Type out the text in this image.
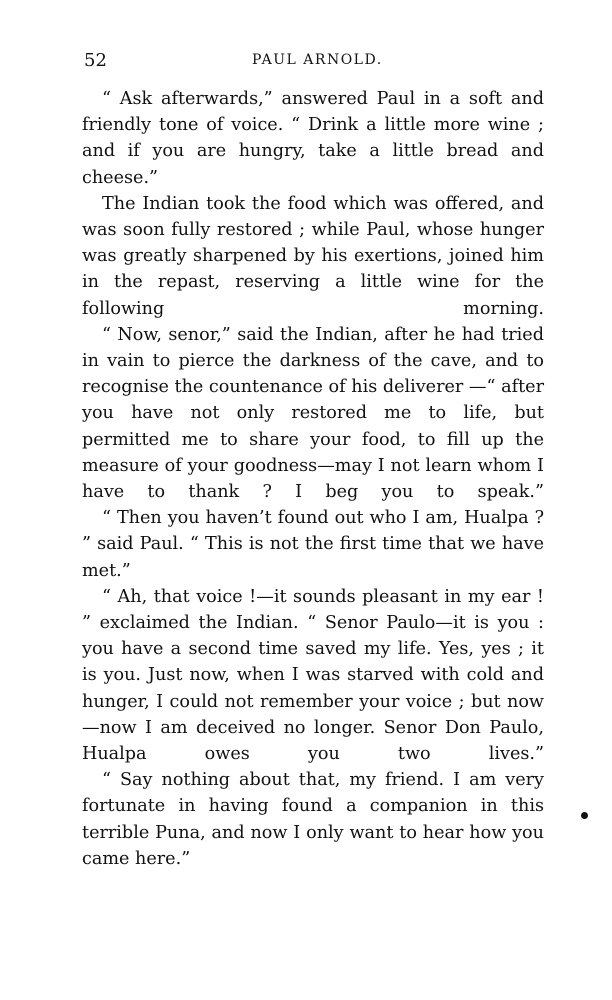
52	PAUL ARNOLD.

“ Ask afterwards,” answered Paul in a soft and friendly tone of voice. “ Drink a little more wine ; and if you are hungry, take a little bread and cheese.”

The Indian took the food which was offered, and was soon fully restored ; while Paul, whose hunger was greatly sharpened by his exertions, joined him in the repast, reserving a little wine for the following morning.

“ Now, senor,” said the Indian, after he had tried in vain to pierce the darkness of the cave, and to recognise the countenance of his deliverer —“ after you have not only restored me to life, but permitted me to share your food, to fill up the measure of your goodness—may I not learn whom I have to thank ? I beg you to speak.”

“ Then you haven’t found out who I am, Hualpa ? ” said Paul. “ This is not the first time that we have met.”

“ Ah, that voice !—it sounds pleasant in my ear ! ” exclaimed the Indian. “ Senor Paulo—it is you : you have a second time saved my life. Yes, yes ; it is you. Just now, when I was starved with cold and hunger, I could not remember your voice ; but now—now I am deceived no longer. Senor Don Paulo, Hualpa owes you two lives.”

“ Say nothing about that, my friend. I am very fortunate in having found a companion in this terrible Puna, and now I only want to hear how you came here.”
